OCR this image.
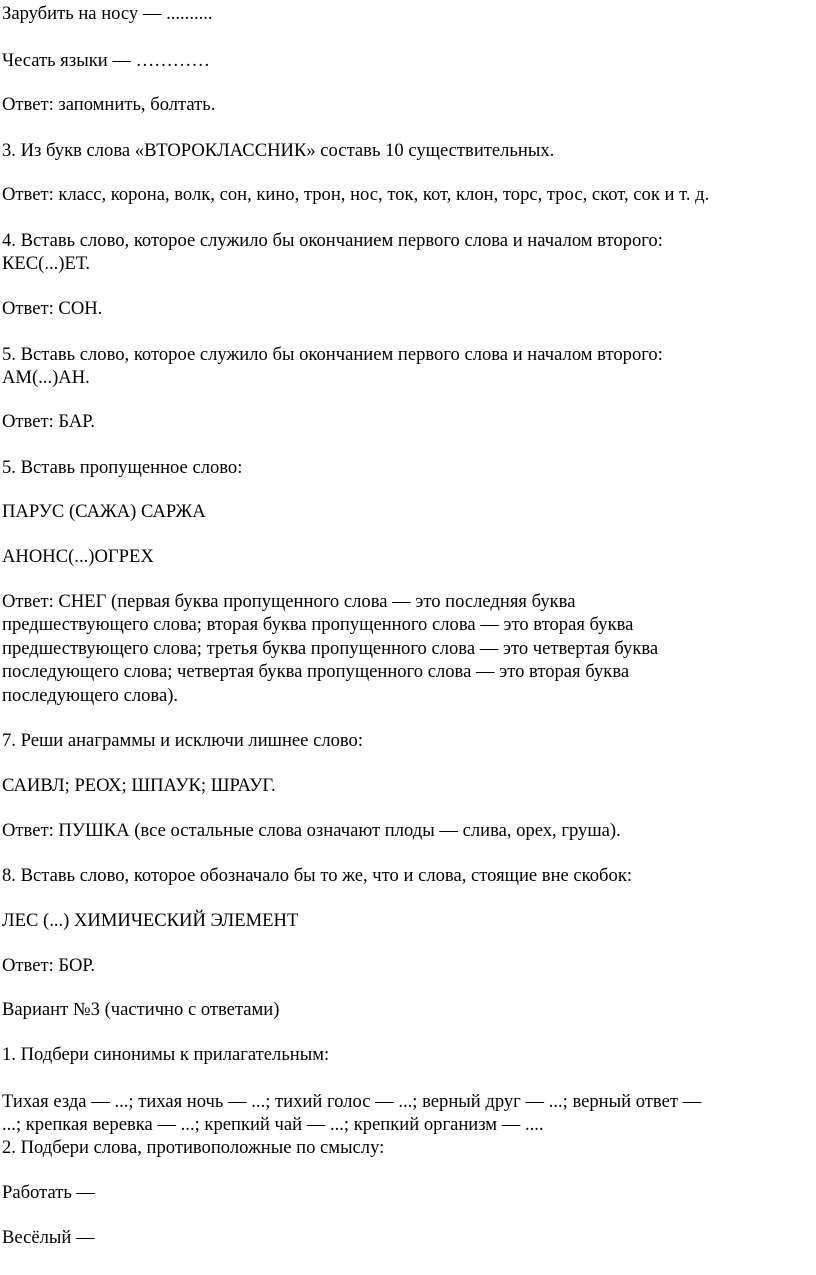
Зарубить на носу — ..........

Чесать языки — …………

Ответ: запомнить, болтать.

3. Из букв слова «ВТОРОКЛАССНИК» составь 10 существительных.

Ответ: класс, корона, волк, сон, кино, трон, нос, ток, кот, клон, торс, трос, скот, сок и т. д.

4. Вставь слово, которое служило бы окончанием первого слова и началом второго:

КЕС(...)ЕТ.

Ответ: СОН.

5. Вставь слово, которое служило бы окончанием первого слова и началом второго:

АМ(...)АН.

Ответ: БАР.

5. Вставь пропущенное слово:

ПАРУС (САЖА) САРЖА

АНОНС(...)ОГРЕХ

Ответ: СНЕГ (первая буква пропущенного слова — это последняя буква

предшествующего слова; вторая буква пропущенного слова — это вторая буква

предшествующего слова; третья буква пропущенного слова — это четвертая буква

последующего слова; четвертая буква пропущенного слова — это вторая буква

последующего слова).

7. Реши анаграммы и исключи лишнее слово:

САИВЛ; РЕОХ; ШПАУК; ШРАУГ.

Ответ: ПУШКА (все остальные слова означают плоды — слива, орех, груша).

8. Вставь слово, которое обозначало бы то же, что и слова, стоящие вне скобок:

ЛЕС (...) ХИМИЧЕСКИЙ ЭЛЕМЕНТ

Ответ: БОР.

Вариант №3 (частично с ответами)

1. Подбери синонимы к прилагательным:

Тихая езда — ...; тихая ночь — ...; тихий голос — ...; верный друг — ...; верный ответ —

...; крепкая веревка — ...; крепкий чай — ...; крепкий организм — ....

2. Подбери слова, противоположные по смыслу:

Работать —

Весёлый —
